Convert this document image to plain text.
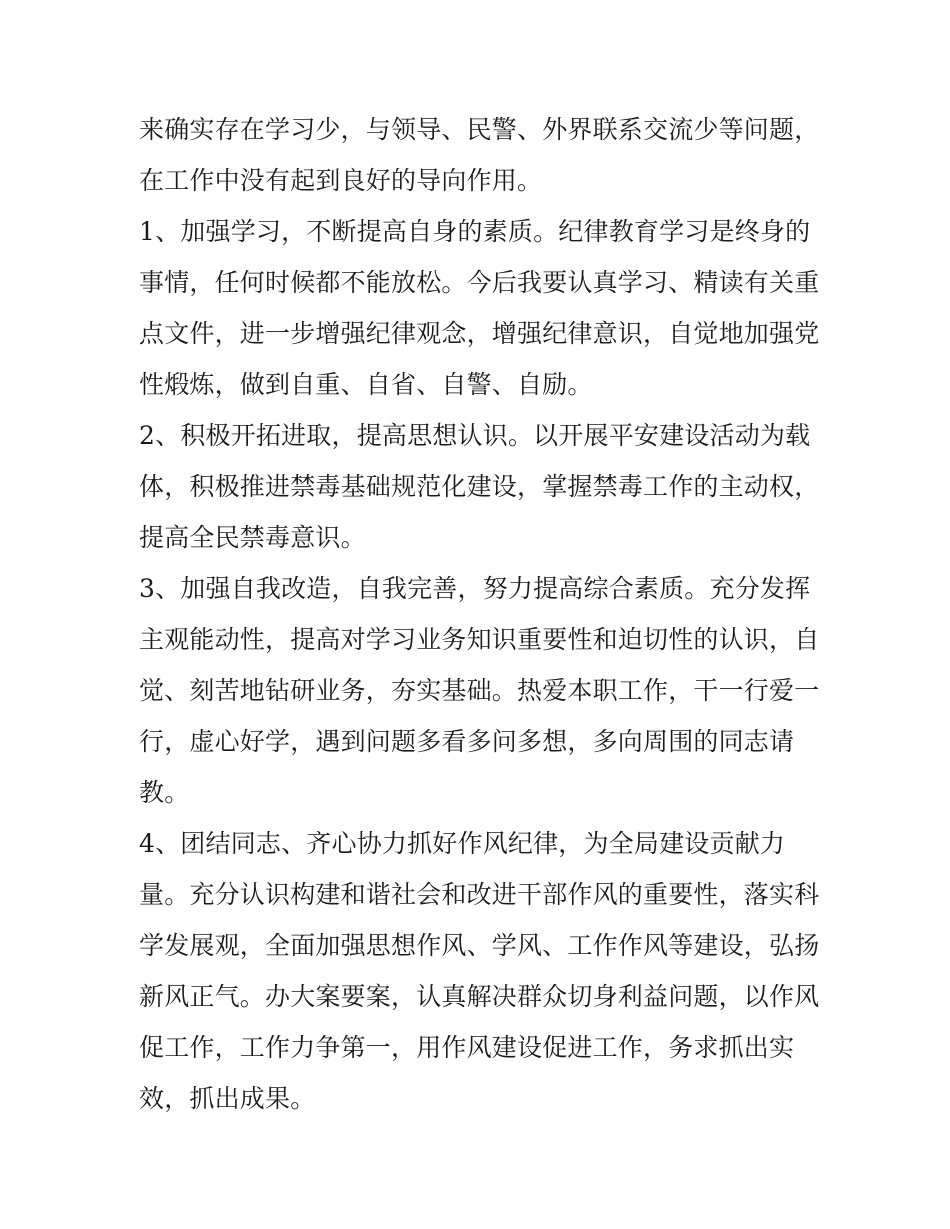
来确实存在学习少，与领导、民警、外界联系交流少等问题，

在工作中没有起到良好的导向作用。

1、加强学习，不断提高自身的素质。纪律教育学习是终身的

事情，任何时候都不能放松。今后我要认真学习、精读有关重

点文件，进一步增强纪律观念，增强纪律意识，自觉地加强党

性煅炼，做到自重、自省、自警、自励。

2、积极开拓进取，提高思想认识。以开展平安建设活动为载

体，积极推进禁毒基础规范化建设，掌握禁毒工作的主动权，

提高全民禁毒意识。

3、加强自我改造，自我完善，努力提高综合素质。充分发挥

主观能动性，提高对学习业务知识重要性和迫切性的认识，自

觉、刻苦地钻研业务，夯实基础。热爱本职工作，干一行爱一

行，虚心好学，遇到问题多看多问多想，多向周围的同志请

教。

4、团结同志、齐心协力抓好作风纪律，为全局建设贡献力

量。充分认识构建和谐社会和改进干部作风的重要性，落实科

学发展观，全面加强思想作风、学风、工作作风等建设，弘扬

新风正气。办大案要案，认真解决群众切身利益问题，以作风

促工作，工作力争第一，用作风建设促进工作，务求抓出实

效，抓出成果。
